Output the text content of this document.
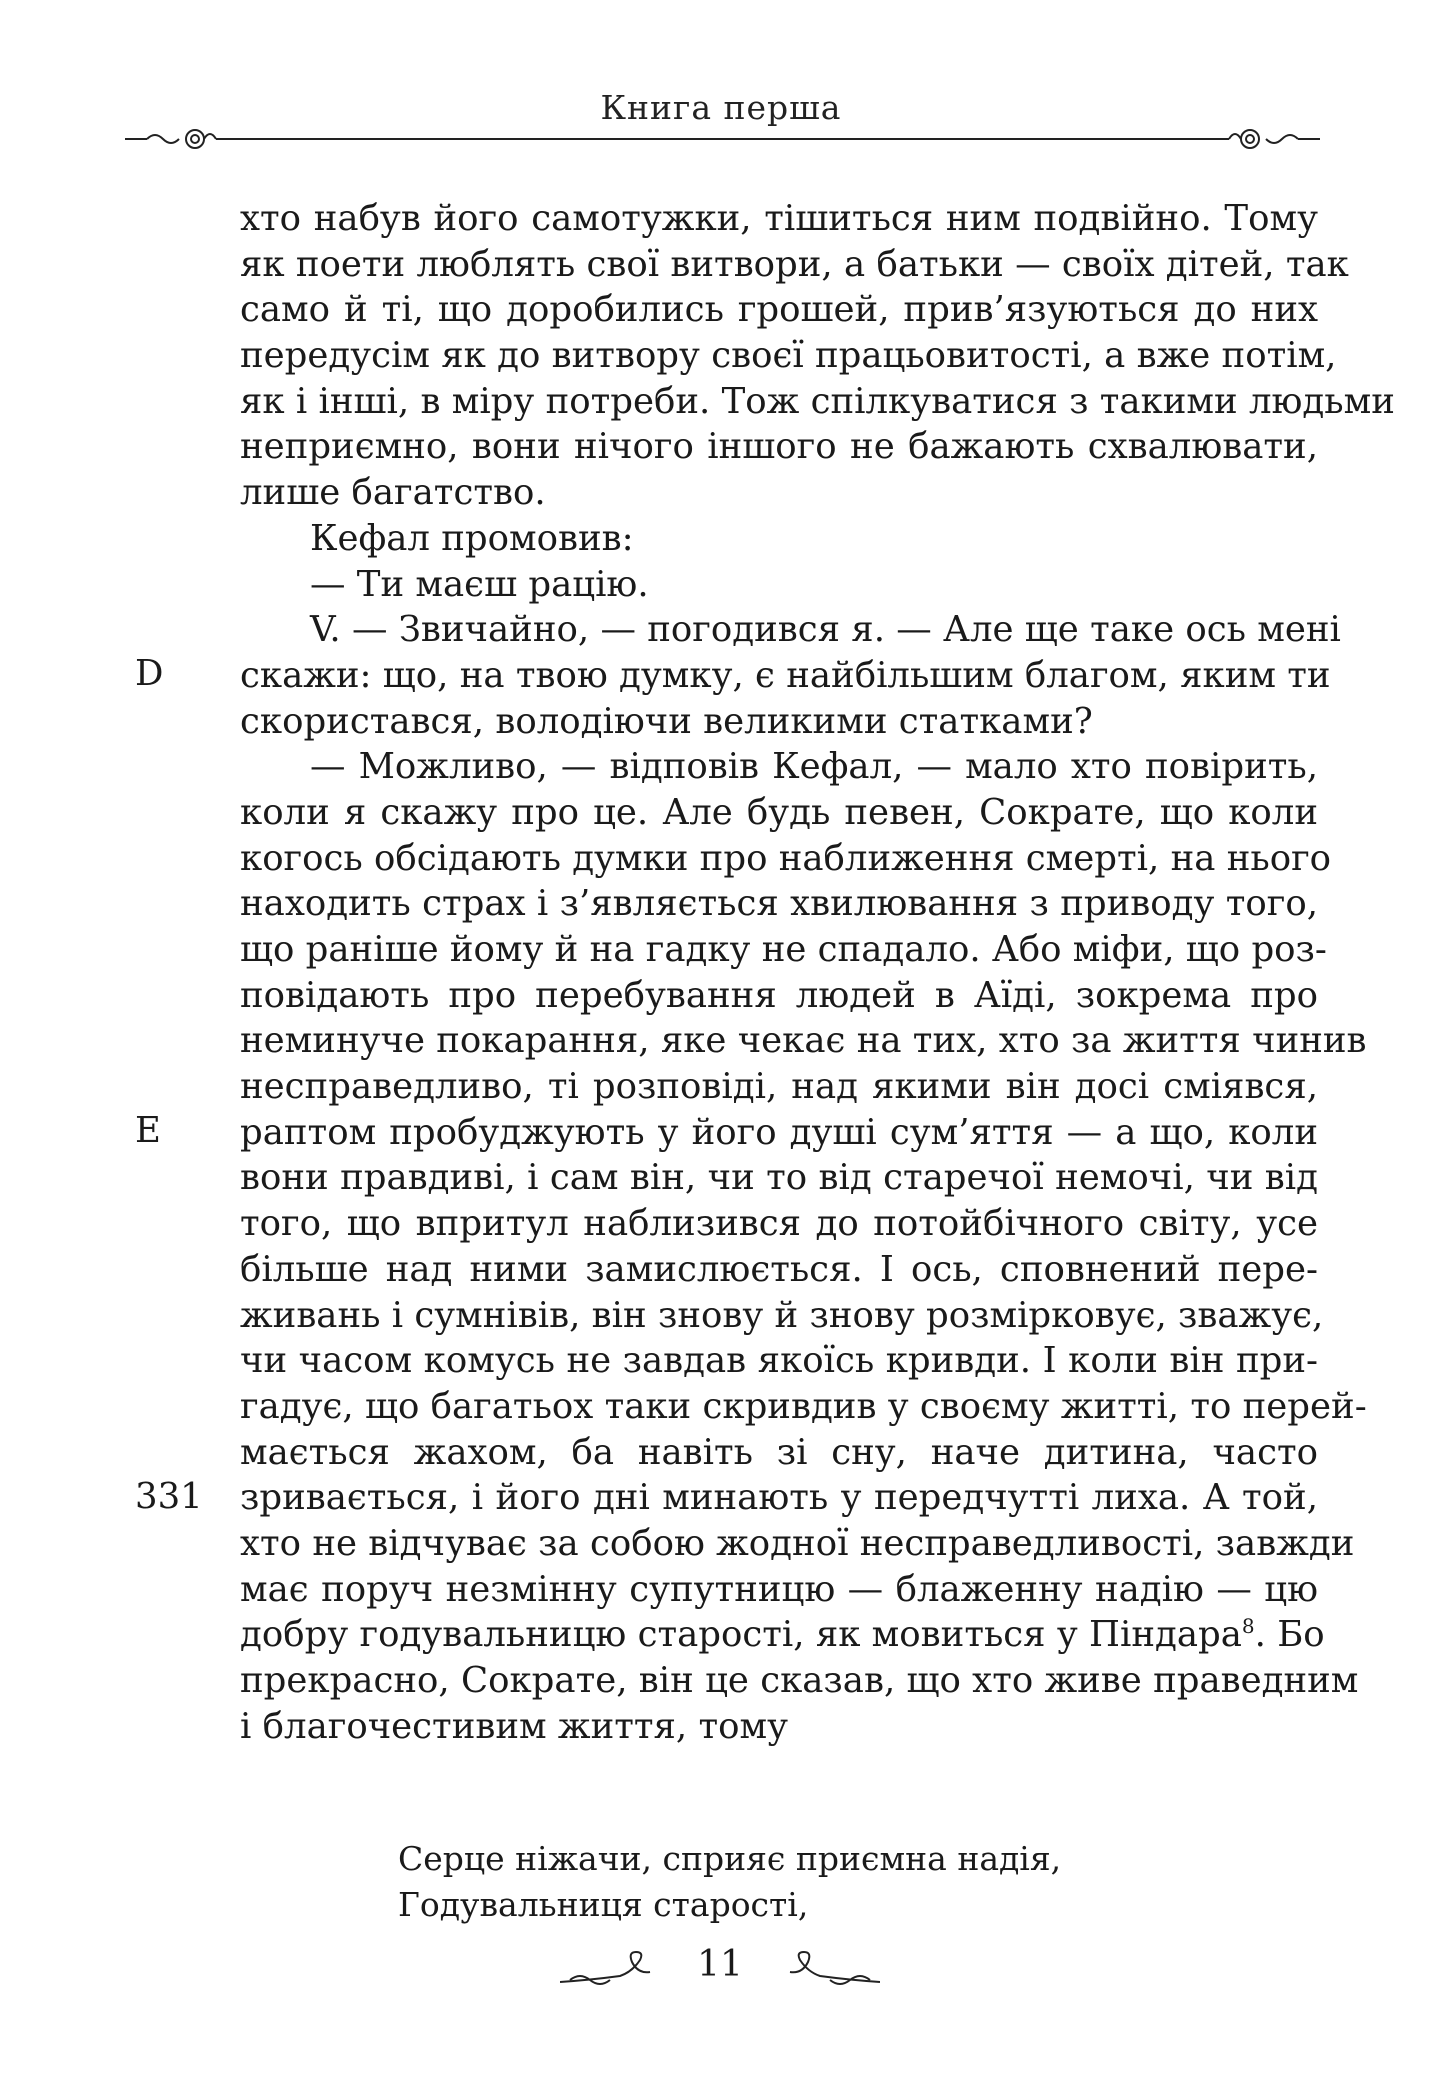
Книга перша
хто набув його самотужки, тішиться ним подвійно. Тому
як поети люблять свої витвори, а батьки — своїх дітей, так
само й ті, що доробились грошей, прив’язуються до них
передусім як до витвору своєї працьовитості, а вже потім,
як і інші, в міру потреби. Тож спілкуватися з такими людьми
неприємно, вони нічого іншого не бажають схвалювати,
лише багатство.
Кефал промовив:
— Ти маєш рацію.
V. — Звичайно, — погодився я. — Але ще таке ось мені
скажи: що, на твою думку, є найбільшим благом, яким ти
скористався, володіючи великими статками?
— Можливо, — відповів Кефал, — мало хто повірить,
коли я скажу про це. Але будь певен, Сократе, що коли
когось обсідають думки про наближення смерті, на нього
находить страх і з’являється хвилювання з приводу того,
що раніше йому й на гадку не спадало. Або міфи, що роз-
повідають про перебування людей в Аїді, зокрема про
неминуче покарання, яке чекає на тих, хто за життя чинив
несправедливо, ті розповіді, над якими він досі сміявся,
раптом пробуджують у його душі сум’яття — а що, коли
вони правдиві, і сам він, чи то від старечої немочі, чи від
того, що впритул наблизився до потойбічного світу, усе
більше над ними замислюється. І ось, сповнений пере-
живань і сумнівів, він знову й знову розмірковує, зважує,
чи часом комусь не завдав якоїсь кривди. І коли він при-
гадує, що багатьох таки скривдив у своєму житті, то перей-
мається жахом, ба навіть зі сну, наче дитина, часто
зривається, і його дні минають у передчутті лиха. А той,
хто не відчуває за собою жодної несправедливості, завжди
має поруч незмінну супутницю — блаженну надію — цю
добру годувальницю старості, як мовиться у Піндара$^8$. Бо
прекрасно, Сократе, він це сказав, що хто живе праведним
і благочестивим життя, тому
D
E
331
Серце ніжачи, сприяє приємна надія,
Годувальниця старості,
11
